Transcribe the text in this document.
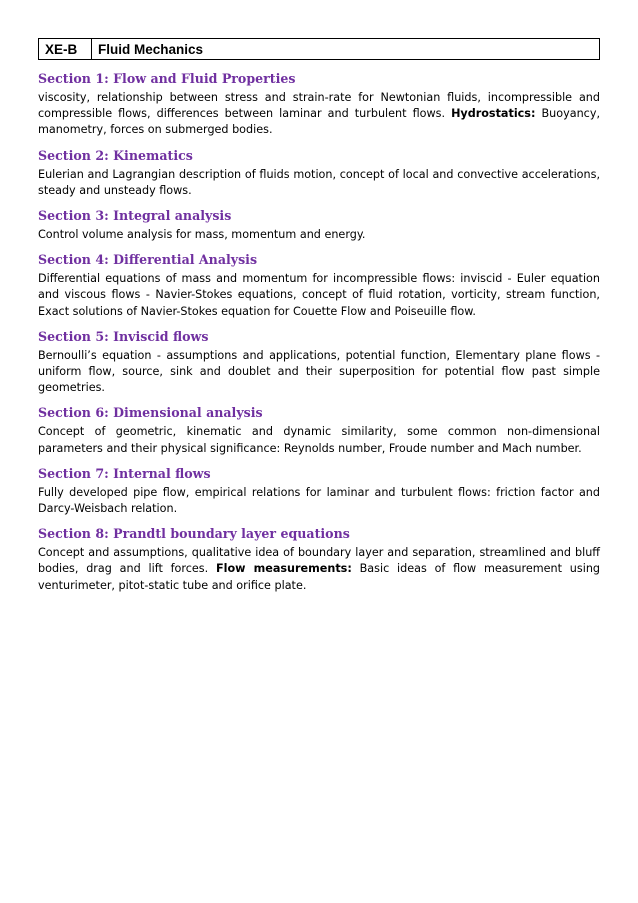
XE-B	Fluid Mechanics
Section 1: Flow and Fluid Properties
viscosity, relationship between stress and strain-rate for Newtonian fluids, incompressible and compressible flows, differences between laminar and turbulent flows. Hydrostatics: Buoyancy, manometry, forces on submerged bodies.
Section 2: Kinematics
Eulerian and Lagrangian description of fluids motion, concept of local and convective accelerations, steady and unsteady flows.
Section 3: Integral analysis
Control volume analysis for mass, momentum and energy.
Section 4: Differential Analysis
Differential equations of mass and momentum for incompressible flows: inviscid - Euler equation and viscous flows - Navier-Stokes equations, concept of fluid rotation, vorticity, stream function, Exact solutions of Navier-Stokes equation for Couette Flow and Poiseuille flow.
Section 5: Inviscid flows
Bernoulli’s equation - assumptions and applications, potential function, Elementary plane flows - uniform flow, source, sink and doublet and their superposition for potential flow past simple geometries.
Section 6: Dimensional analysis
Concept of geometric, kinematic and dynamic similarity, some common non-dimensional parameters and their physical significance: Reynolds number, Froude number and Mach number.
Section 7: Internal flows
Fully developed pipe flow, empirical relations for laminar and turbulent flows: friction factor and Darcy-Weisbach relation.
Section 8: Prandtl boundary layer equations
Concept and assumptions, qualitative idea of boundary layer and separation, streamlined and bluff bodies, drag and lift forces. Flow measurements: Basic ideas of flow measurement using venturimeter, pitot-static tube and orifice plate.
